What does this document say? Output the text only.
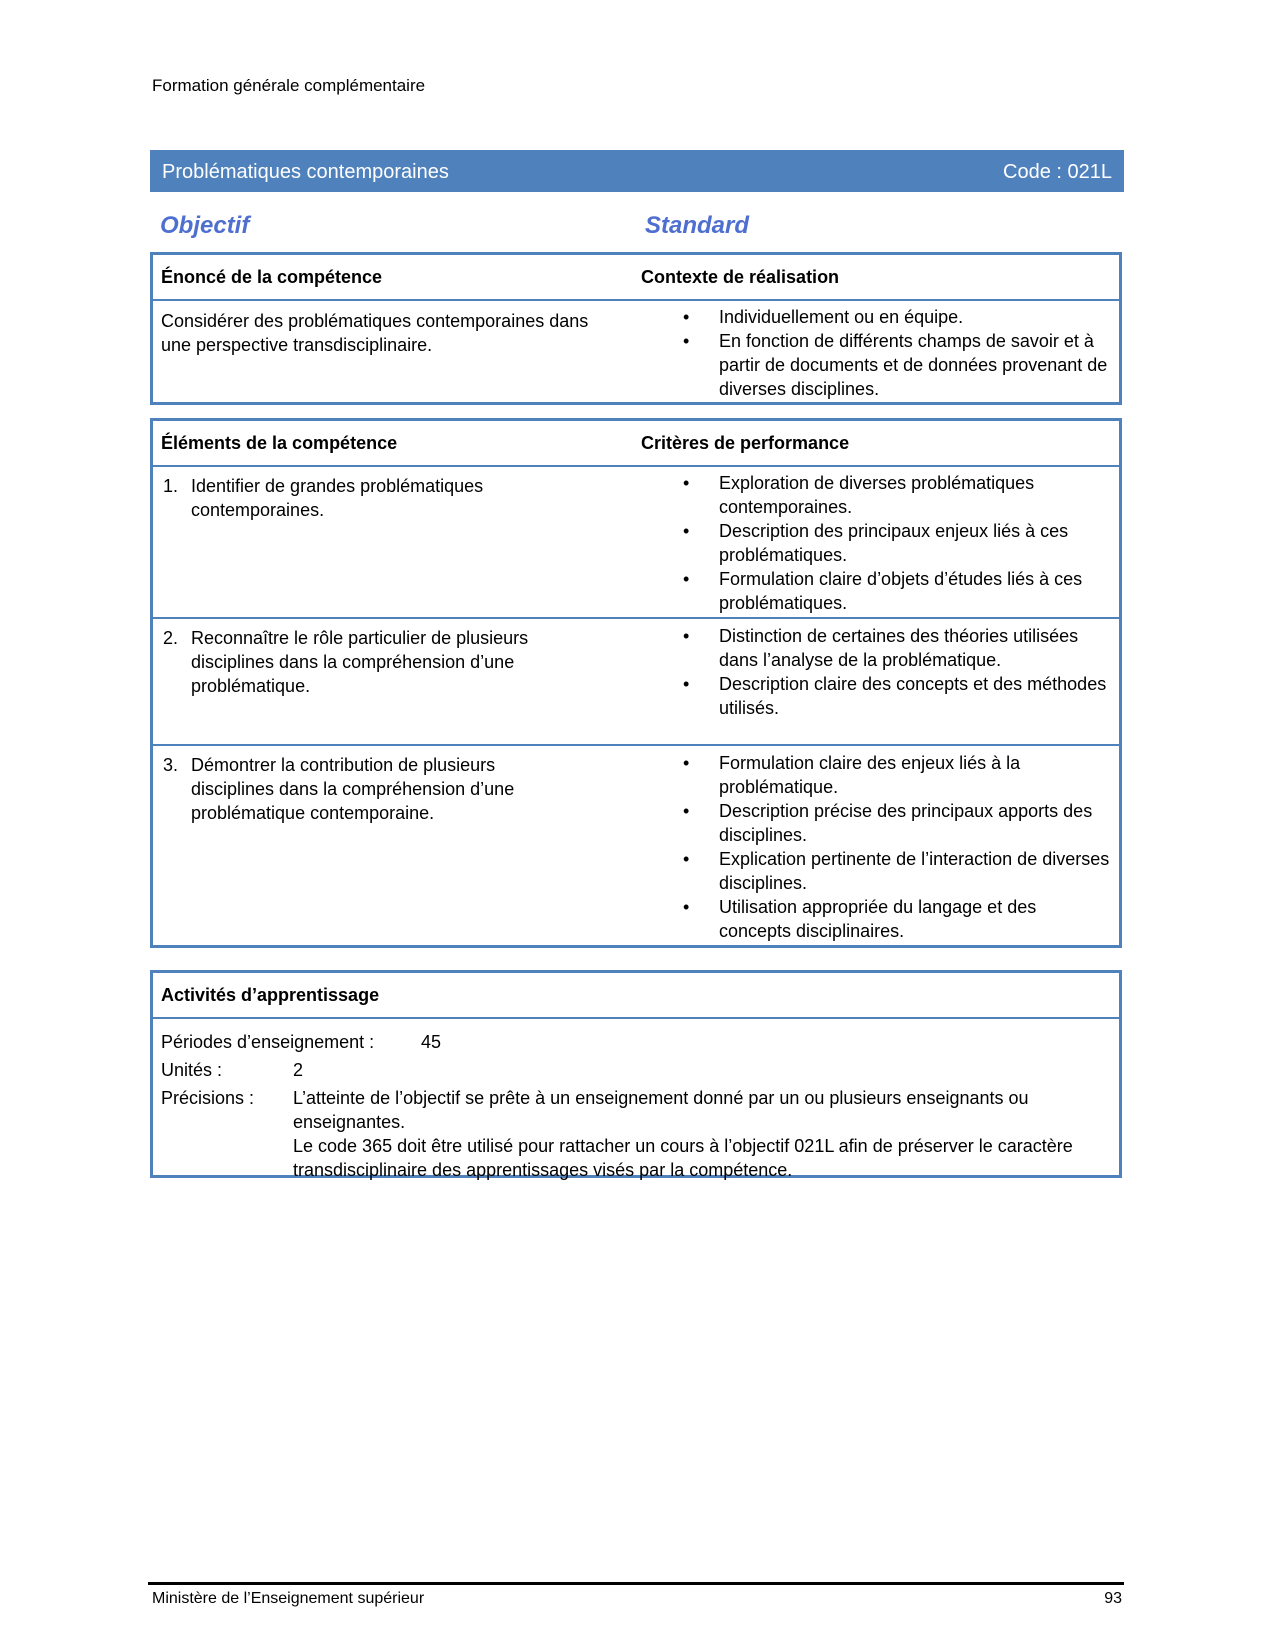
Formation générale complémentaire
Problématiques contemporaines	Code : 021L
Objectif	Standard
Énoncé de la compétence	Contexte de réalisation
Considérer des problématiques contemporaines dans une perspective transdisciplinaire.
• Individuellement ou en équipe.
• En fonction de différents champs de savoir et à partir de documents et de données provenant de diverses disciplines.
Éléments de la compétence	Critères de performance
1. Identifier de grandes problématiques contemporaines.
• Exploration de diverses problématiques contemporaines.
• Description des principaux enjeux liés à ces problématiques.
• Formulation claire d’objets d’études liés à ces problématiques.
2. Reconnaître le rôle particulier de plusieurs disciplines dans la compréhension d’une problématique.
• Distinction de certaines des théories utilisées dans l’analyse de la problématique.
• Description claire des concepts et des méthodes utilisés.
3. Démontrer la contribution de plusieurs disciplines dans la compréhension d’une problématique contemporaine.
• Formulation claire des enjeux liés à la problématique.
• Description précise des principaux apports des disciplines.
• Explication pertinente de l’interaction de diverses disciplines.
• Utilisation appropriée du langage et des concepts disciplinaires.
Activités d’apprentissage
Périodes d’enseignement :	45
Unités :	2
Précisions : L’atteinte de l’objectif se prête à un enseignement donné par un ou plusieurs enseignants ou enseignantes.
Le code 365 doit être utilisé pour rattacher un cours à l’objectif 021L afin de préserver le caractère transdisciplinaire des apprentissages visés par la compétence.
Ministère de l’Enseignement supérieur	93
